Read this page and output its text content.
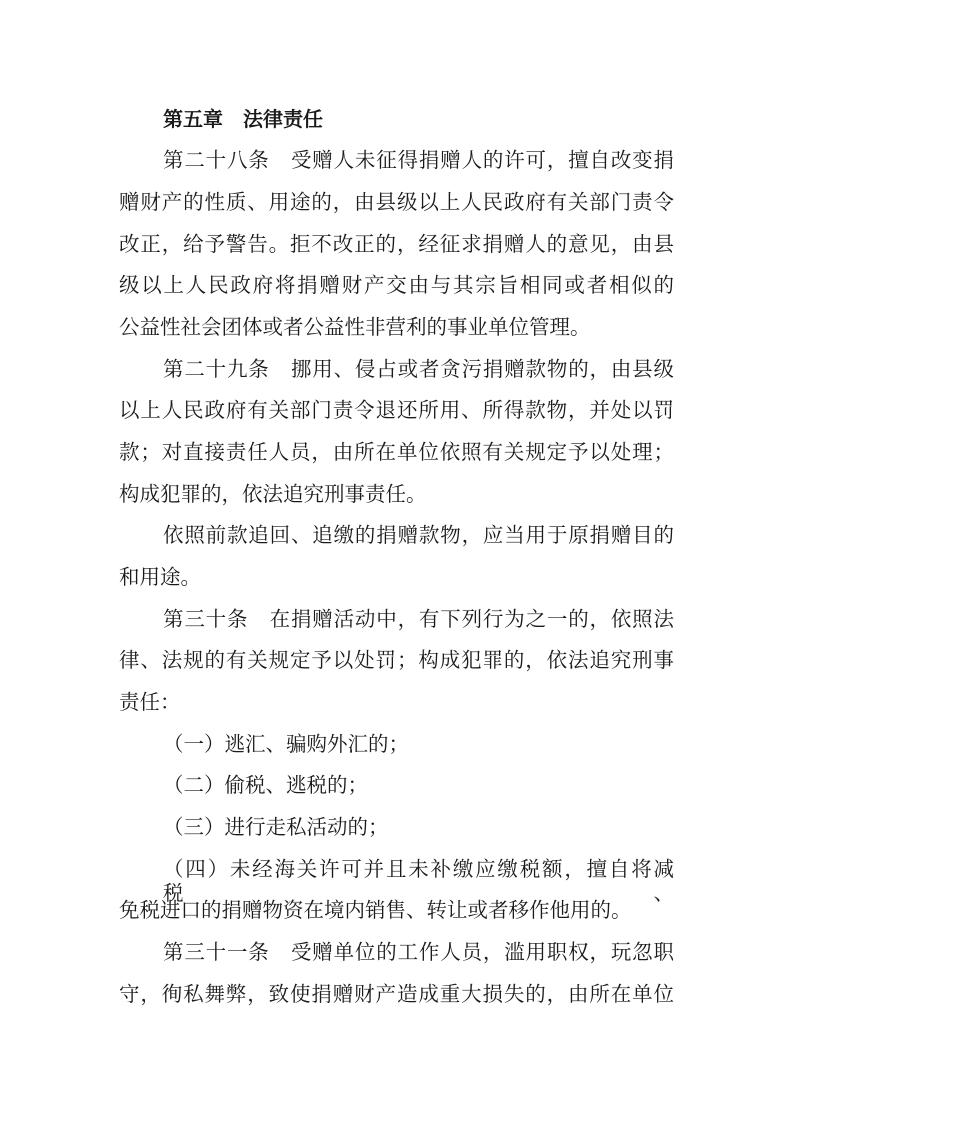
第五章　法律责任
第二十八条　受赠人未征得捐赠人的许可，擅自改变捐
赠财产的性质、用途的，由县级以上人民政府有关部门责令
改正，给予警告。拒不改正的，经征求捐赠人的意见，由县
级以上人民政府将捐赠财产交由与其宗旨相同或者相似的
公益性社会团体或者公益性非营利的事业单位管理。
第二十九条　挪用、侵占或者贪污捐赠款物的，由县级
以上人民政府有关部门责令退还所用、所得款物，并处以罚
款；对直接责任人员，由所在单位依照有关规定予以处理；
构成犯罪的，依法追究刑事责任。
依照前款追回、追缴的捐赠款物，应当用于原捐赠目的
和用途。
第三十条　在捐赠活动中，有下列行为之一的，依照法
律、法规的有关规定予以处罚；构成犯罪的，依法追究刑事
责任：
（一）逃汇、骗购外汇的；
（二）偷税、逃税的；
（三）进行走私活动的；
（四）未经海关许可并且未补缴应缴税额，擅自将减税、
免税进口的捐赠物资在境内销售、转让或者移作他用的。
第三十一条　受赠单位的工作人员，滥用职权，玩忽职
守，徇私舞弊，致使捐赠财产造成重大损失的，由所在单位
